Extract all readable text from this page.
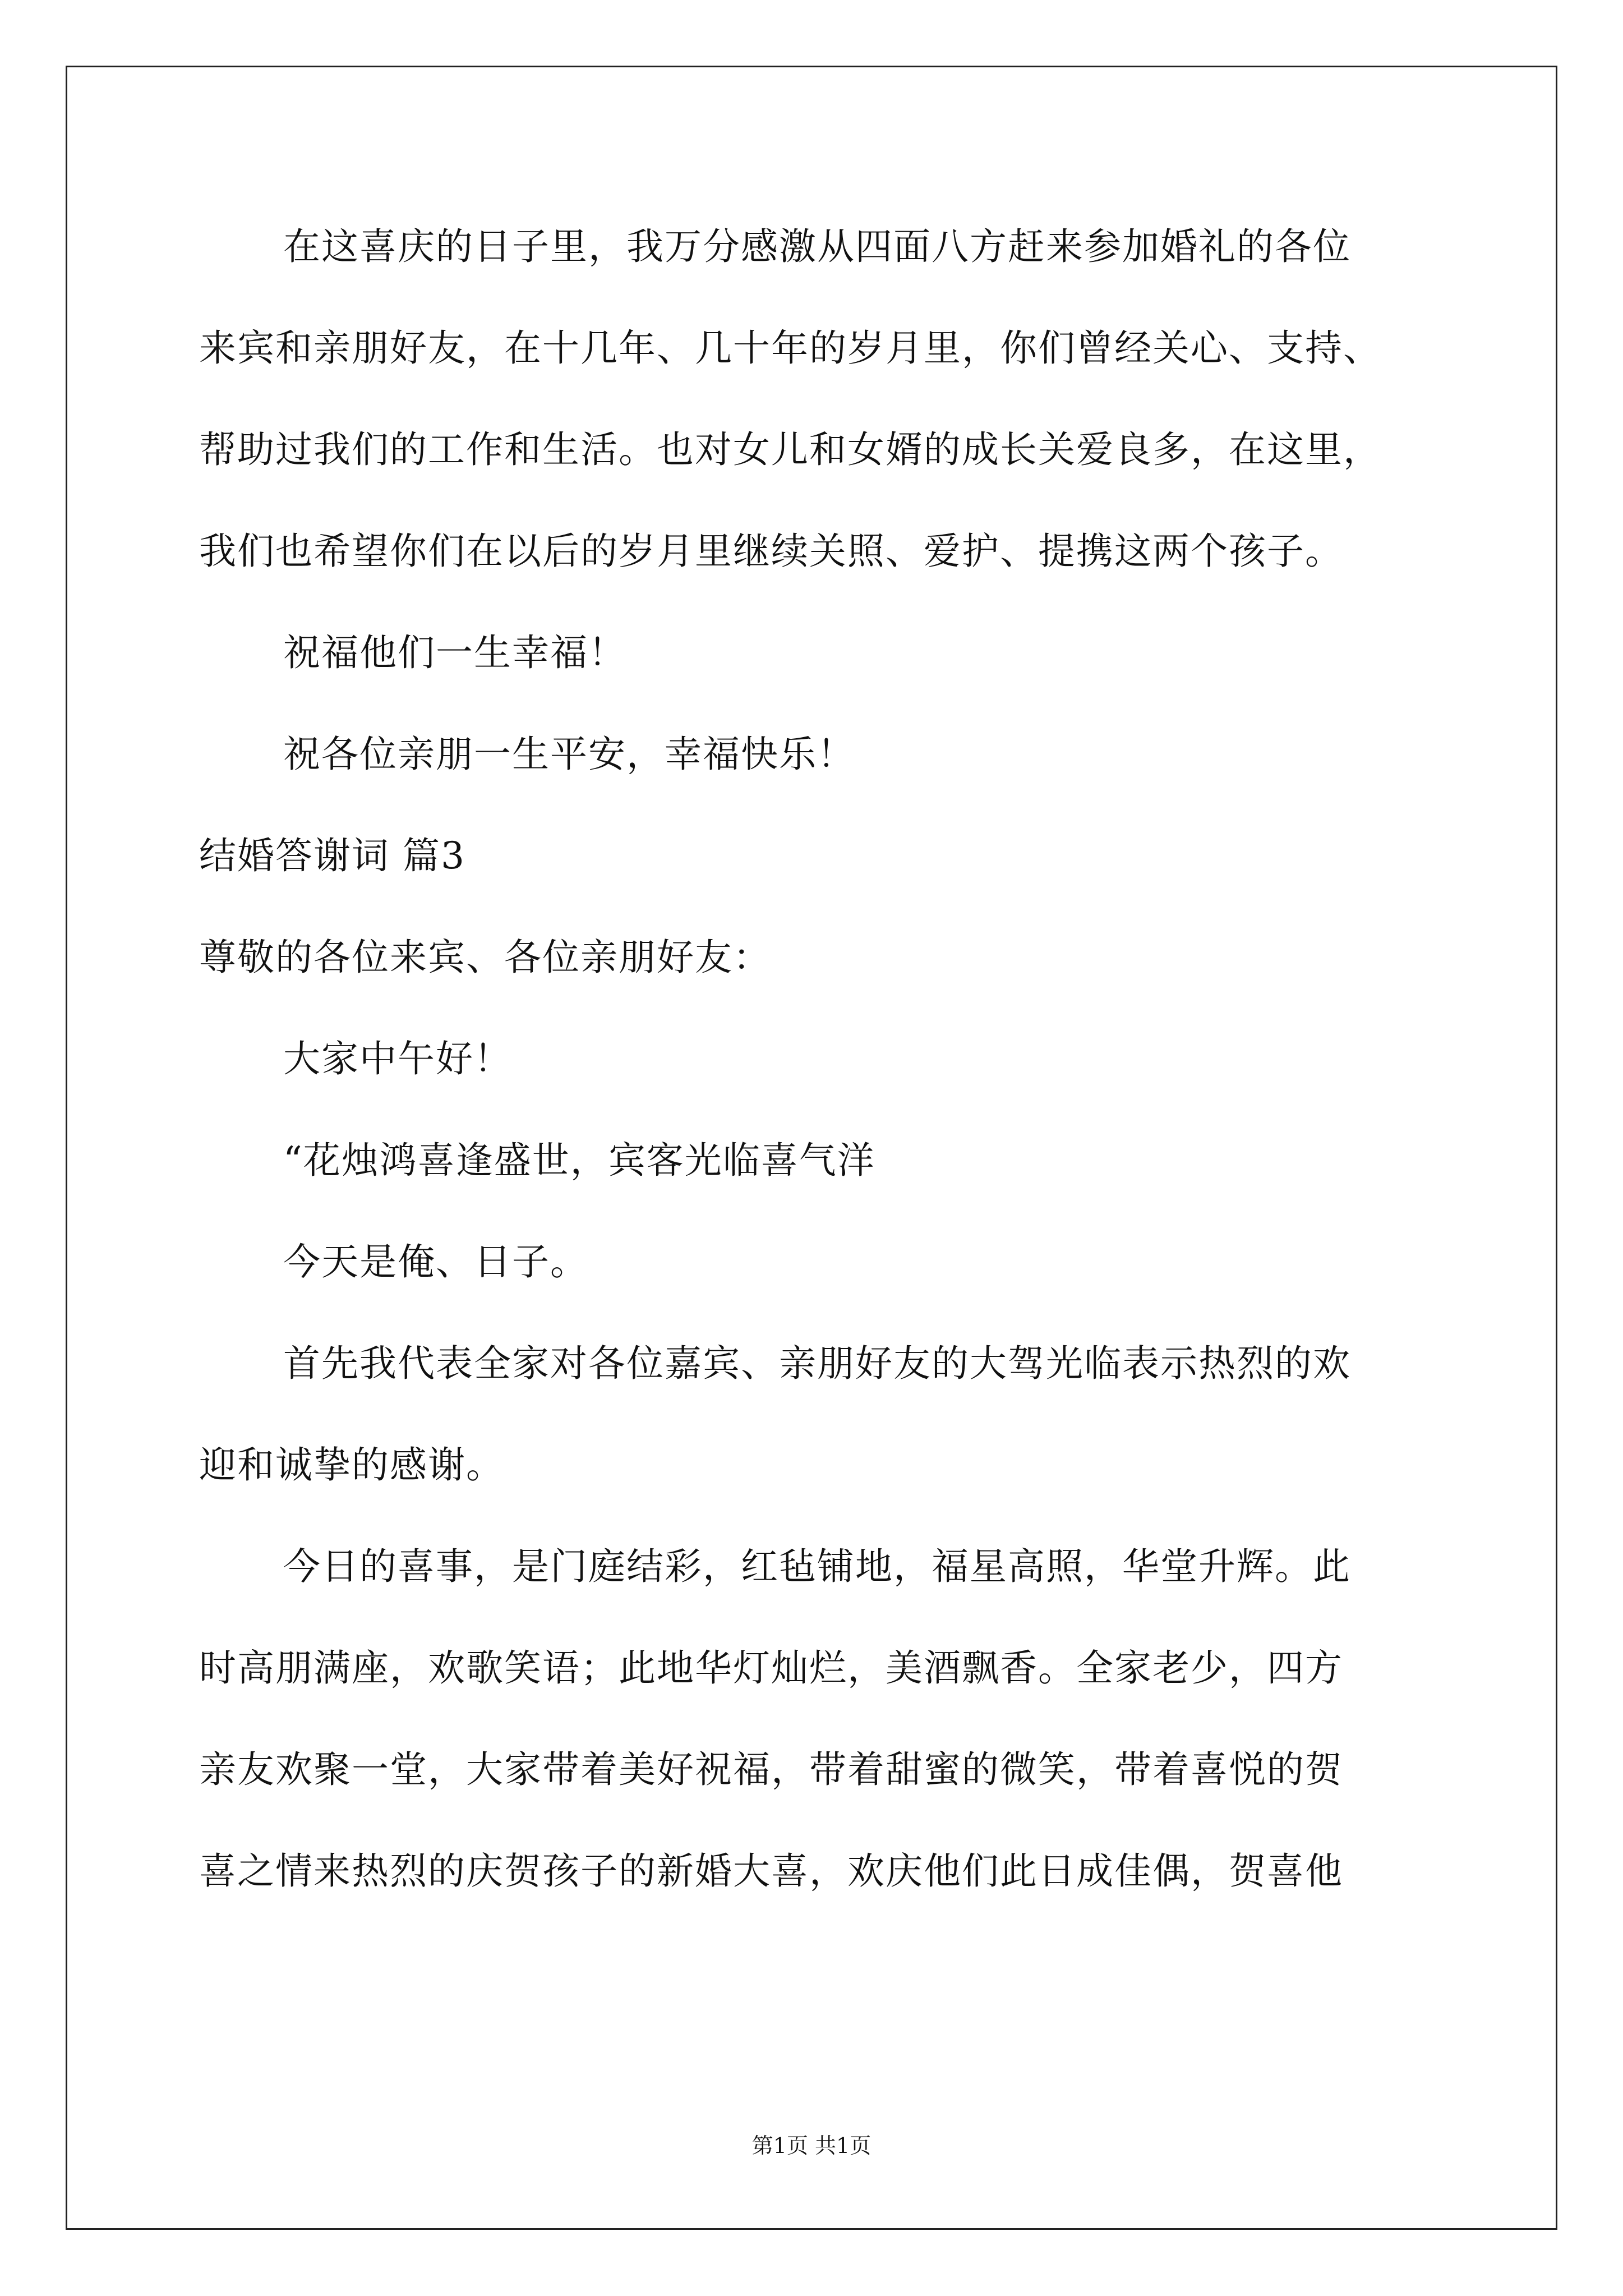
在这喜庆的日子里，我万分感激从四面八方赶来参加婚礼的各位
来宾和亲朋好友，在十几年、几十年的岁月里，你们曾经关心、支持、
帮助过我们的工作和生活。也对女儿和女婿的成长关爱良多，在这里，
我们也希望你们在以后的岁月里继续关照、爱护、提携这两个孩子。
祝福他们一生幸福！
祝各位亲朋一生平安，幸福快乐！
结婚答谢词 篇3
尊敬的各位来宾、各位亲朋好友：
大家中午好！
“花烛鸿喜逢盛世，宾客光临喜气洋
今天是俺、日子。
首先我代表全家对各位嘉宾、亲朋好友的大驾光临表示热烈的欢
迎和诚挚的感谢。
今日的喜事，是门庭结彩，红毡铺地，福星高照，华堂升辉。此
时高朋满座，欢歌笑语；此地华灯灿烂，美酒飘香。全家老少，四方
亲友欢聚一堂，大家带着美好祝福，带着甜蜜的微笑，带着喜悦的贺
喜之情来热烈的庆贺孩子的新婚大喜，欢庆他们此日成佳偶，贺喜他
第1页 共1页
